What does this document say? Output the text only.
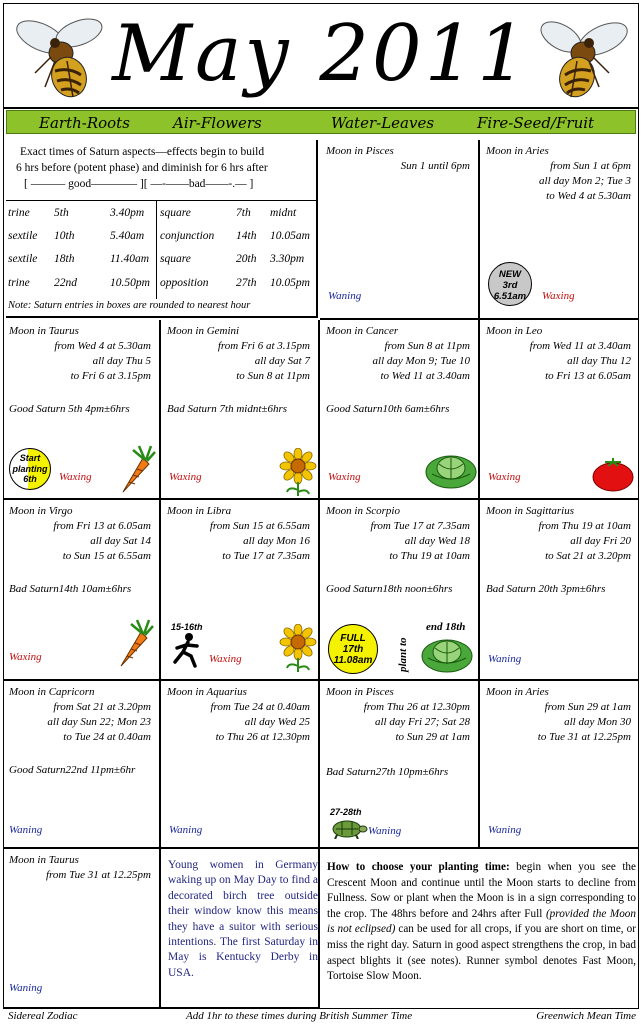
May 2011
Earth-Roots	Air-Flowers	Water-Leaves	Fire-Seed/Fruit
Exact times of Saturn aspects—effects begin to build
6 hrs before (potent phase) and diminish for 6 hrs after
[ ——— good———— ][ —-——bad——-.— ]
trine 5th	3.40pm
sextile 10th	5.40am
sextile 18th	11.40am
trine 22nd	10.50pm
square	7th midnt
conjunction 14th 10.05am
square	20th 3.30pm
opposition 27th 10.05pm
Note: Saturn entries in boxes are rounded to nearest hour
Moon in Pisces
Sun 1 until 6pm
Waning
Moon in Aries
from Sun 1 at 6pm
all day Mon 2; Tue 3
to Wed 4 at 5.30am
NEW
3rd
6.51am	Waxing
Moon in Taurus
from Wed 4 at 5.30am
all day Thu 5
to Fri 6 at 3.15pm
Good Saturn 5th 4pm±6hrs
Start
planting
6th	Waxing
Moon in Gemini
from Fri 6 at 3.15pm
all day Sat 7
to Sun 8 at 11pm
Bad Saturn 7th midnt±6hrs
Waxing
Moon in Cancer
from Sun 8 at 11pm
all day Mon 9; Tue 10
to Wed 11 at 3.40am
Good Saturn10th 6am±6hrs
Waxing
Moon in Leo
from Wed 11 at 3.40am
all day Thu 12
to Fri 13 at 6.05am
Waxing
Moon in Virgo
from Fri 13 at 6.05am
all day Sat 14
to Sun 15 at 6.55am
Bad Saturn14th 10am±6hrs
Waxing
Moon in Libra
from Sun 15 at 6.55am
all day Mon 16
to Tue 17 at 7.35am
15-16th
Waxing
Moon in Scorpio
from Tue 17 at 7.35am
all day Wed 18
to Thu 19 at 10am
Good Saturn18th noon±6hrs
FULL
17th
11.08am	plant to
end 18th
Moon in Sagittarius
from Thu 19 at 10am
all day Fri 20
to Sat 21 at 3.20pm
Bad Saturn 20th 3pm±6hrs
Waning
Moon in Capricorn
from Sat 21 at 3.20pm
all day Sun 22; Mon 23
to Tue 24 at 0.40am
Good Saturn22nd 11pm±6hr
Waning
Moon in Aquarius
from Tue 24 at 0.40am
all day Wed 25
to Thu 26 at 12.30pm
Waning
Moon in Pisces
from Thu 26 at 12.30pm
all day Fri 27; Sat 28
to Sun 29 at 1am
Bad Saturn27th 10pm±6hrs
27-28th
Waning
Moon in Aries
from Sun 29 at 1am
all day Mon 30
to Tue 31 at 12.25pm
Waning
Moon in Taurus
from Tue 31 at 12.25pm
Waning
Young women in Germany waking up on May Day to find a decorated birch tree outside their window know this means they have a suitor with serious intentions. The first Saturday in May is Kentucky Derby in USA.
How to choose your planting time: begin when you see the Crescent Moon and continue until the Moon starts to decline from Fullness. Sow or plant when the Moon is in a sign corresponding to the crop. The 48hrs before and 24hrs after Full (provided the Moon is not eclipsed) can be used for all crops, if you are short on time, or miss the right day. Saturn in good aspect strengthens the crop, in bad aspect blights it (see notes). Runner symbol denotes Fast Moon, Tortoise Slow Moon.
Sidereal Zodiac	Add 1hr to these times during British Summer Time	Greenwich Mean Time
